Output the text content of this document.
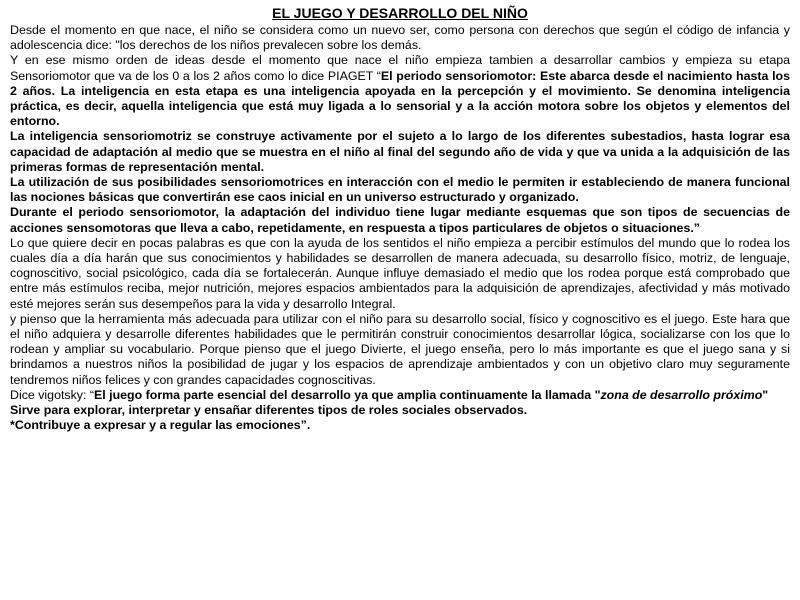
EL JUEGO Y DESARROLLO DEL NIÑO

Desde el momento en que nace, el niño se considera como un nuevo ser, como persona con derechos que según el código de infancia y adolescencia dice: "los derechos de los niños prevalecen sobre los demás.

Y en ese mismo orden de ideas desde el momento que nace el niño empieza tambien a desarrollar cambios y empieza su etapa Sensoriomotor que va de los 0 a los 2 años como lo dice PIAGET “El periodo sensoriomotor: Este abarca desde el nacimiento hasta los 2 años. La inteligencia en esta etapa es una inteligencia apoyada en la percepción y el movimiento. Se denomina inteligencia práctica, es decir, aquella inteligencia que está muy ligada a lo sensorial y a la acción motora sobre los objetos y elementos del entorno.

La inteligencia sensoriomotriz se construye activamente por el sujeto a lo largo de los diferentes subestadios, hasta lograr esa capacidad de adaptación al medio que se muestra en el niño al final del segundo año de vida y que va unida a la adquisición de las primeras formas de representación mental.

La utilización de sus posibilidades sensoriomotrices en interacción con el medio le permiten ir estableciendo de manera funcional las nociones básicas que convertirán ese caos inicial en un universo estructurado y organizado.

Durante el periodo sensoriomotor, la adaptación del individuo tiene lugar mediante esquemas que son tipos de secuencias de acciones sensomotoras que lleva a cabo, repetidamente, en respuesta a tipos particulares de objetos o situaciones.”

Lo que quiere decir en pocas palabras es que con la ayuda de los sentidos el niño empieza a percibir estímulos del mundo que lo rodea los cuales día a día harán que sus conocimientos y habilidades se desarrollen de manera adecuada, su desarrollo físico, motriz, de lenguaje, cognoscitivo, social psicológico, cada día se fortalecerán. Aunque influye demasiado el medio que los rodea porque está comprobado que entre más estímulos reciba, mejor nutrición, mejores espacios ambientados para la adquisición de aprendizajes, afectividad y más motivado esté mejores serán sus desempeños para la vida y desarrollo Integral.

y pienso que la herramienta más adecuada para utilizar con el niño para su desarrollo social, físico y cognoscitivo es el juego. Este hara que el niño adquiera y desarrolle diferentes habilidades que le permitirán construir conocimientos desarrollar lógica, socializarse con los que lo rodean y ampliar su vocabulario. Porque pienso que el juego Divierte, el juego enseña, pero lo más importante es que el juego sana y si brindamos a nuestros niños la posibilidad de jugar y los espacios de aprendizaje ambientados y con un objetivo claro muy seguramente tendremos niños felices y con grandes capacidades cognoscitivas.

Dice vigotsky: “El juego forma parte esencial del desarrollo ya que amplia continuamente la llamada "zona de desarrollo próximo"

Sirve para explorar, interpretar y ensañar diferentes tipos de roles sociales observados.

*Contribuye a expresar y a regular las emociones”.
